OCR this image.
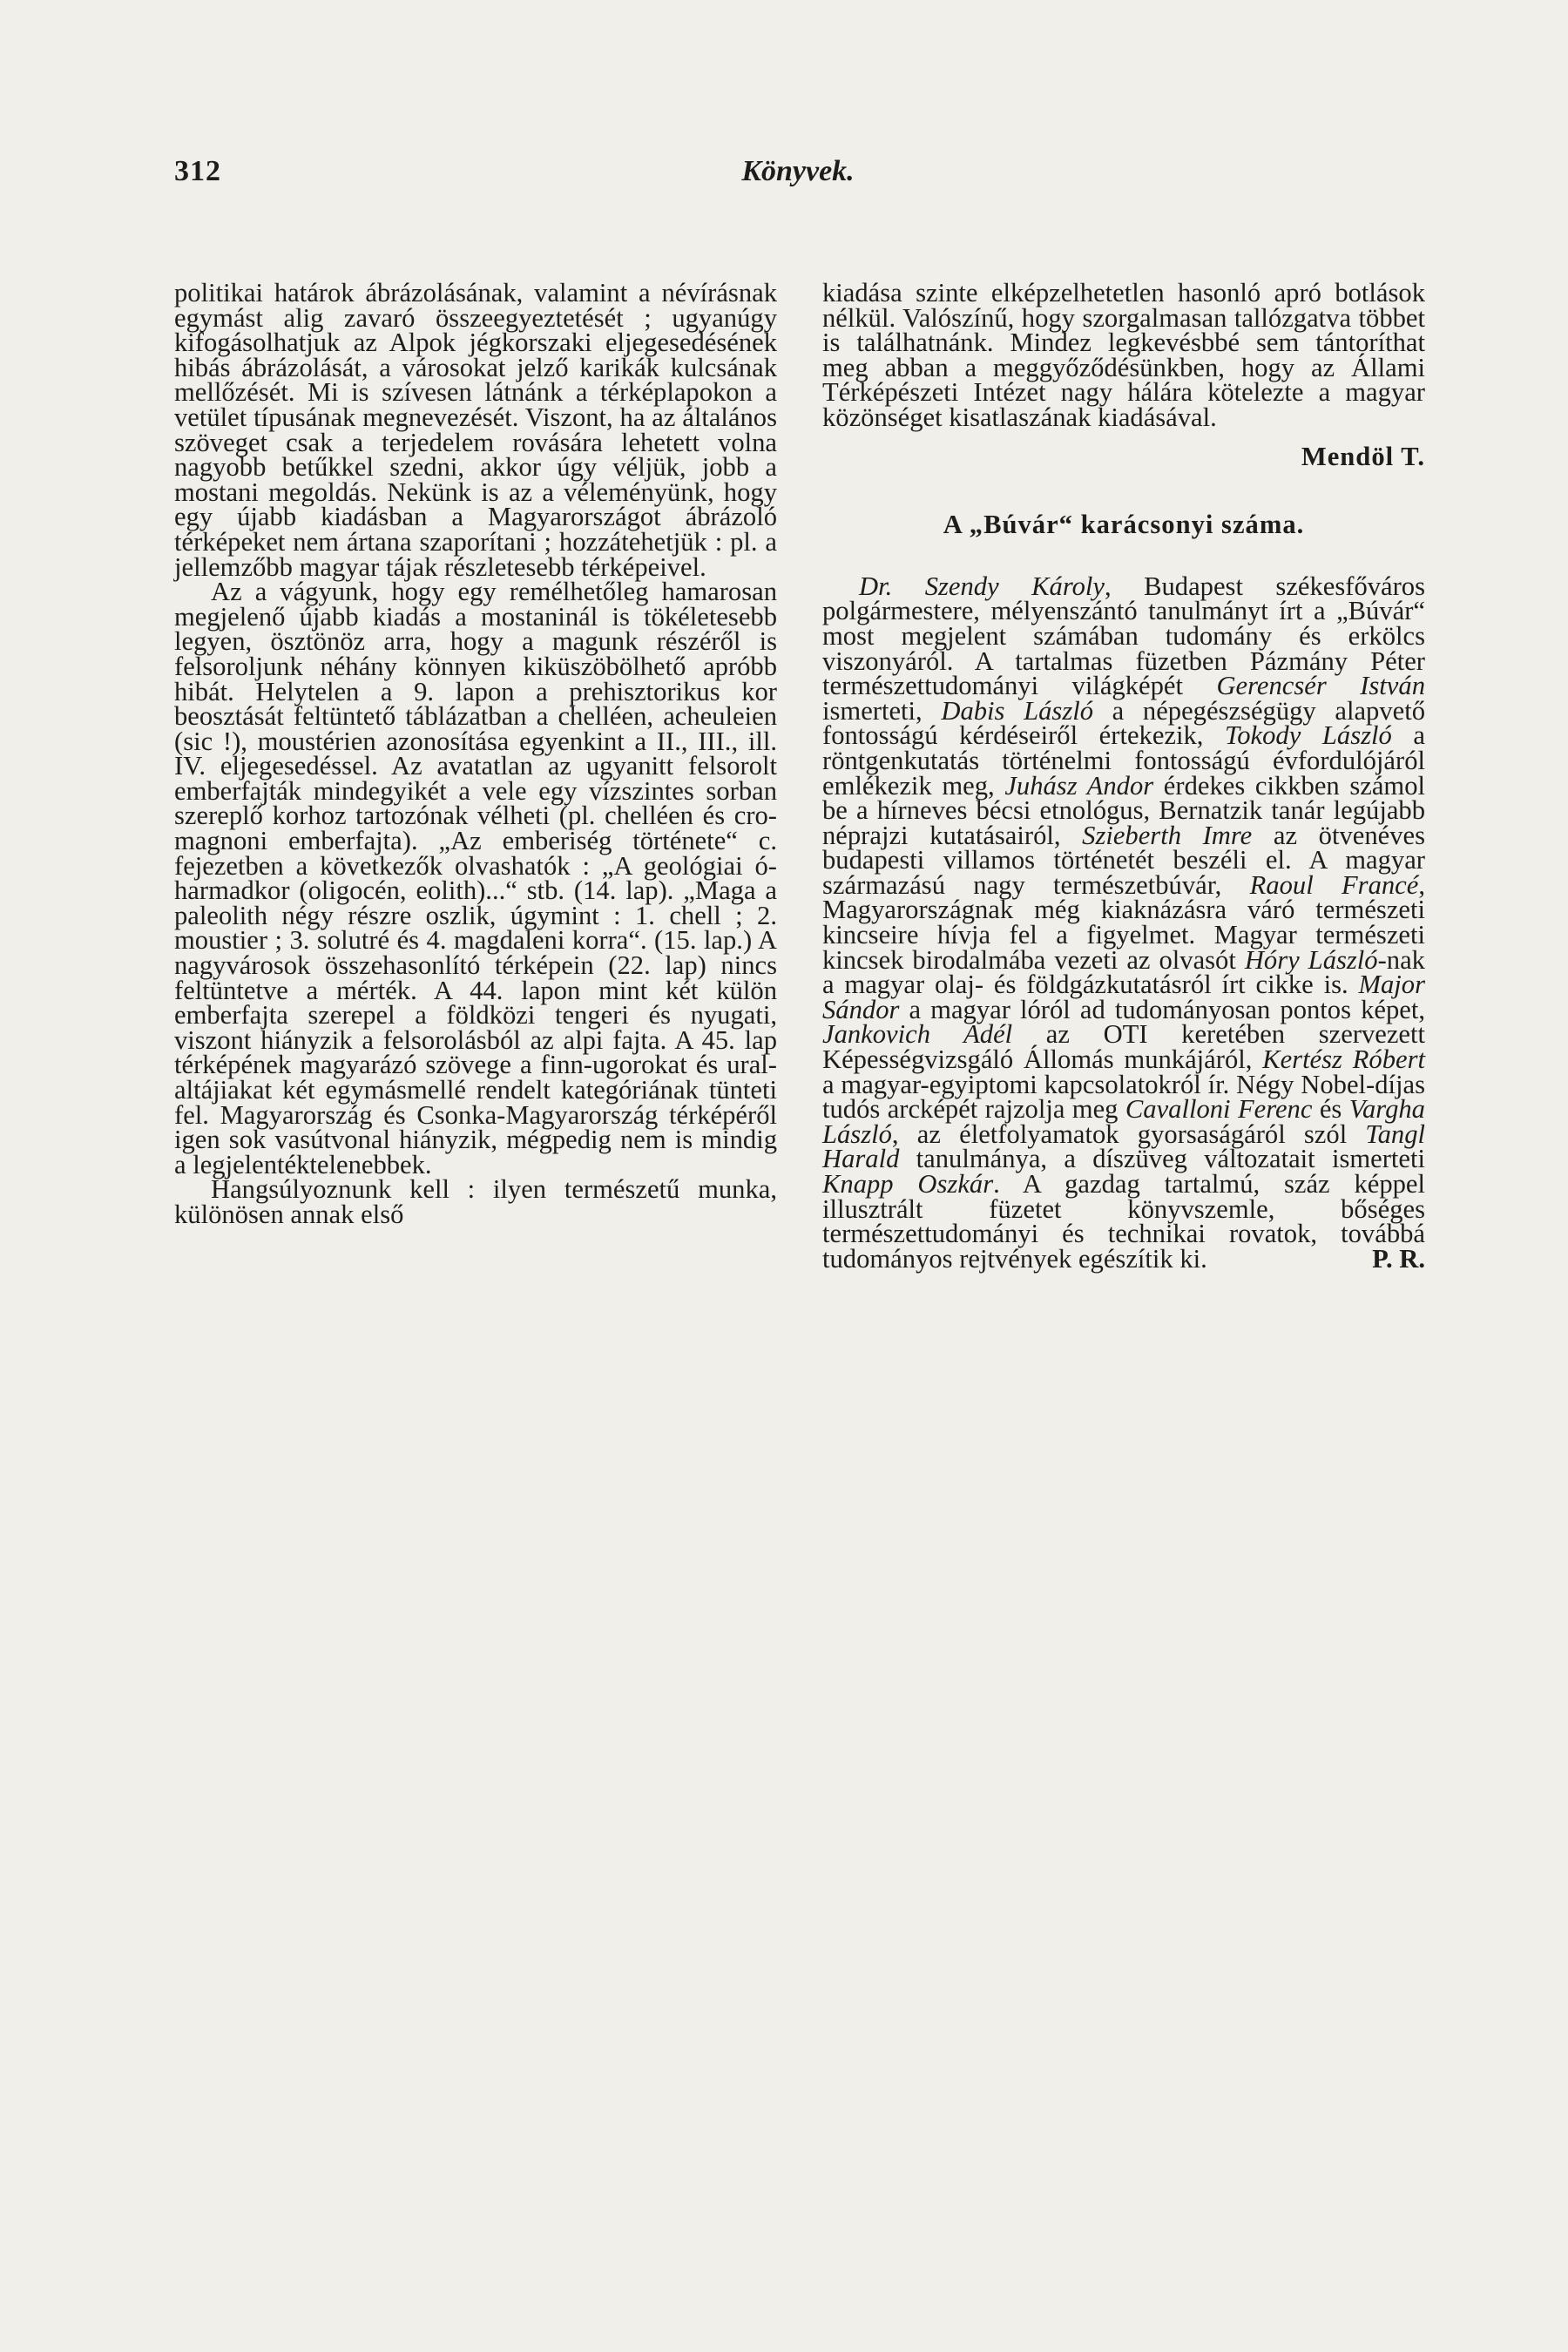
312	Könyvek.

politikai határok ábrázolásának, valamint a névírásnak egymást alig zavaró összeegyeztetését ; ugyanúgy kifogásolhatjuk az Alpok jégkorszaki eljegesedésének hibás ábrázolását, a városokat jelző karikák kulcsának mellőzését. Mi is szívesen látnánk a térképlapokon a vetület típusának megnevezését. Viszont, ha az általános szöveget csak a terjedelem rovására lehetett volna nagyobb betűkkel szedni, akkor úgy véljük, jobb a mostani megoldás. Nekünk is az a véleményünk, hogy egy újabb kiadásban a Magyarországot ábrázoló térképeket nem ártana szaporítani ; hozzátehetjük : pl. a jellemzőbb magyar tájak részletesebb térképeivel.

Az a vágyunk, hogy egy remélhetőleg hamarosan megjelenő újabb kiadás a mostaninál is tökéletesebb legyen, ösztönöz arra, hogy a magunk részéről is felsoroljunk néhány könnyen kiküszöbölhető apróbb hibát. Helytelen a 9. lapon a prehisztorikus kor beosztását feltüntető táblázatban a chelléen, acheuleien (sic !), moustérien azonosítása egyenkint a II., III., ill. IV. eljegesedéssel. Az avatatlan az ugyanitt felsorolt emberfajták mindegyikét a vele egy vízszintes sorban szereplő korhoz tartozónak vélheti (pl. chelléen és cro-magnoni emberfajta). „Az emberiség története“ c. fejezetben a következők olvashatók : „A geológiai ó-harmadkor (oligocén, eolith)...“ stb. (14. lap). „Maga a paleolith négy részre oszlik, úgymint : 1. chell ; 2. moustier ; 3. solutré és 4. magdaleni korra“. (15. lap.) A nagyvárosok összehasonlító térképein (22. lap) nincs feltüntetve a mérték. A 44. lapon mint két külön emberfajta szerepel a földközi tengeri és nyugati, viszont hiányzik a felsorolásból az alpi fajta. A 45. lap térképének magyarázó szövege a finn-ugorokat és ural-altájiakat két egymásmellé rendelt kategóriának tünteti fel. Magyarország és Csonka-Magyarország térképéről igen sok vasútvonal hiányzik, mégpedig nem is mindig a legjelentéktelenebbek.

Hangsúlyoznunk kell : ilyen természetű munka, különösen annak első

kiadása szinte elképzelhetetlen hasonló apró botlások nélkül. Valószínű, hogy szorgalmasan tallózgatva többet is találhatnánk. Mindez legkevésbbé sem tántoríthat meg abban a meggyőződésünkben, hogy az Állami Térképészeti Intézet nagy hálára kötelezte a magyar közönséget kisatlaszának kiadásával.

Mendöl T.

A „Búvár“ karácsonyi száma.

Dr. Szendy Károly, Budapest székesfőváros polgármestere, mélyenszántó tanulmányt írt a „Búvár“ most megjelent számában tudomány és erkölcs viszonyáról. A tartalmas füzetben Pázmány Péter természettudományi világképét Gerencsér István ismerteti, Dabis László a népegészségügy alapvető fontosságú kérdéseiről értekezik, Tokody László a röntgenkutatás történelmi fontosságú évfordulójáról emlékezik meg, Juhász Andor érdekes cikkben számol be a hírneves bécsi etnológus, Bernatzik tanár legújabb néprajzi kutatásairól, Szieberth Imre az ötvenéves budapesti villamos történetét beszéli el. A magyar származású nagy természetbúvár, Raoul Francé, Magyarországnak még kiaknázásra váró természeti kincseire hívja fel a figyelmet. Magyar természeti kincsek birodalmába vezeti az olvasót Hóry László-nak a magyar olaj- és földgázkutatásról írt cikke is. Major Sándor a magyar lóról ad tudományosan pontos képet, Jankovich Adél az OTI keretében szervezett Képességvizsgáló Állomás munkájáról, Kertész Róbert a magyar-egyiptomi kapcsolatokról ír. Négy Nobel-díjas tudós arcképét rajzolja meg Cavalloni Ferenc és Vargha László, az életfolyamatok gyorsaságáról szól Tangl Harald tanulmánya, a díszüveg változatait ismerteti Knapp Oszkár. A gazdag tartalmú, száz képpel illusztrált füzetet könyvszemle, bőséges természettudományi és technikai rovatok, továbbá tudományos rejtvények egészítik ki.	P. R.
